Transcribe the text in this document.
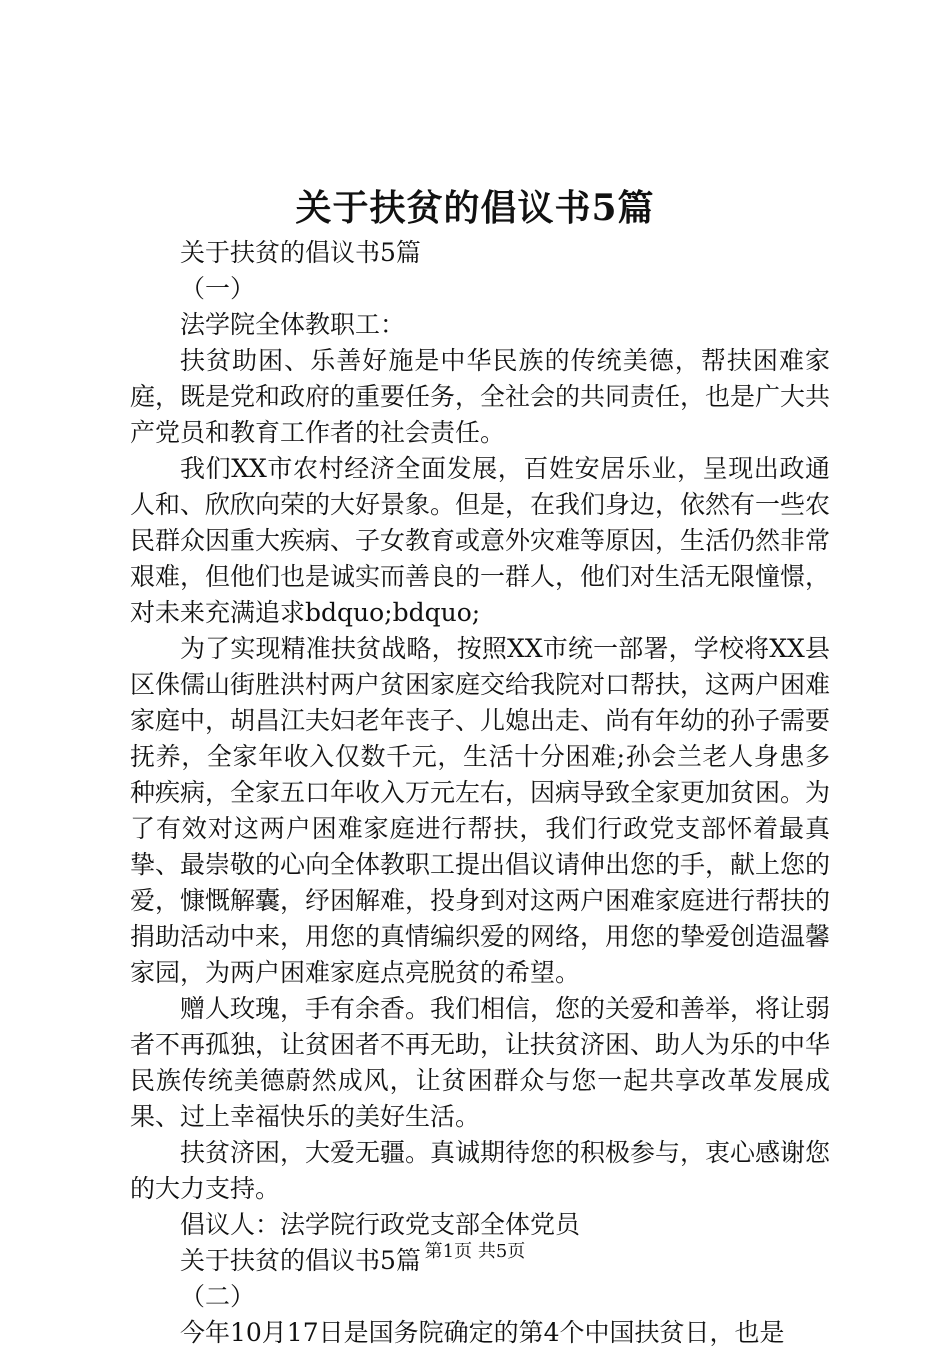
关于扶贫的倡议书5篇

关于扶贫的倡议书5篇

（一）

法学院全体教职工：

扶贫助困、乐善好施是中华民族的传统美德，帮扶困难家庭，既是党和政府的重要任务，全社会的共同责任，也是广大共产党员和教育工作者的社会责任。

我们XX市农村经济全面发展，百姓安居乐业，呈现出政通人和、欣欣向荣的大好景象。但是，在我们身边，依然有一些农民群众因重大疾病、子女教育或意外灾难等原因，生活仍然非常艰难，但他们也是诚实而善良的一群人，他们对生活无限憧憬，对未来充满追求bdquo;bdquo;

为了实现精准扶贫战略，按照XX市统一部署，学校将XX县区侏儒山街胜洪村两户贫困家庭交给我院对口帮扶，这两户困难家庭中，胡昌江夫妇老年丧子、儿媳出走、尚有年幼的孙子需要抚养，全家年收入仅数千元，生活十分困难;孙会兰老人身患多种疾病，全家五口年收入万元左右，因病导致全家更加贫困。为了有效对这两户困难家庭进行帮扶，我们行政党支部怀着最真挚、最崇敬的心向全体教职工提出倡议请伸出您的手，献上您的爱，慷慨解囊，纾困解难，投身到对这两户困难家庭进行帮扶的捐助活动中来，用您的真情编织爱的网络，用您的挚爱创造温馨家园，为两户困难家庭点亮脱贫的希望。

赠人玫瑰，手有余香。我们相信，您的关爱和善举，将让弱者不再孤独，让贫困者不再无助，让扶贫济困、助人为乐的中华民族传统美德蔚然成风，让贫困群众与您一起共享改革发展成果、过上幸福快乐的美好生活。

扶贫济困，大爱无疆。真诚期待您的积极参与，衷心感谢您的大力支持。

倡议人：法学院行政党支部全体党员

关于扶贫的倡议书5篇

（二）

今年10月17日是国务院确定的第4个中国扶贫日，也是

第1页 共5页
